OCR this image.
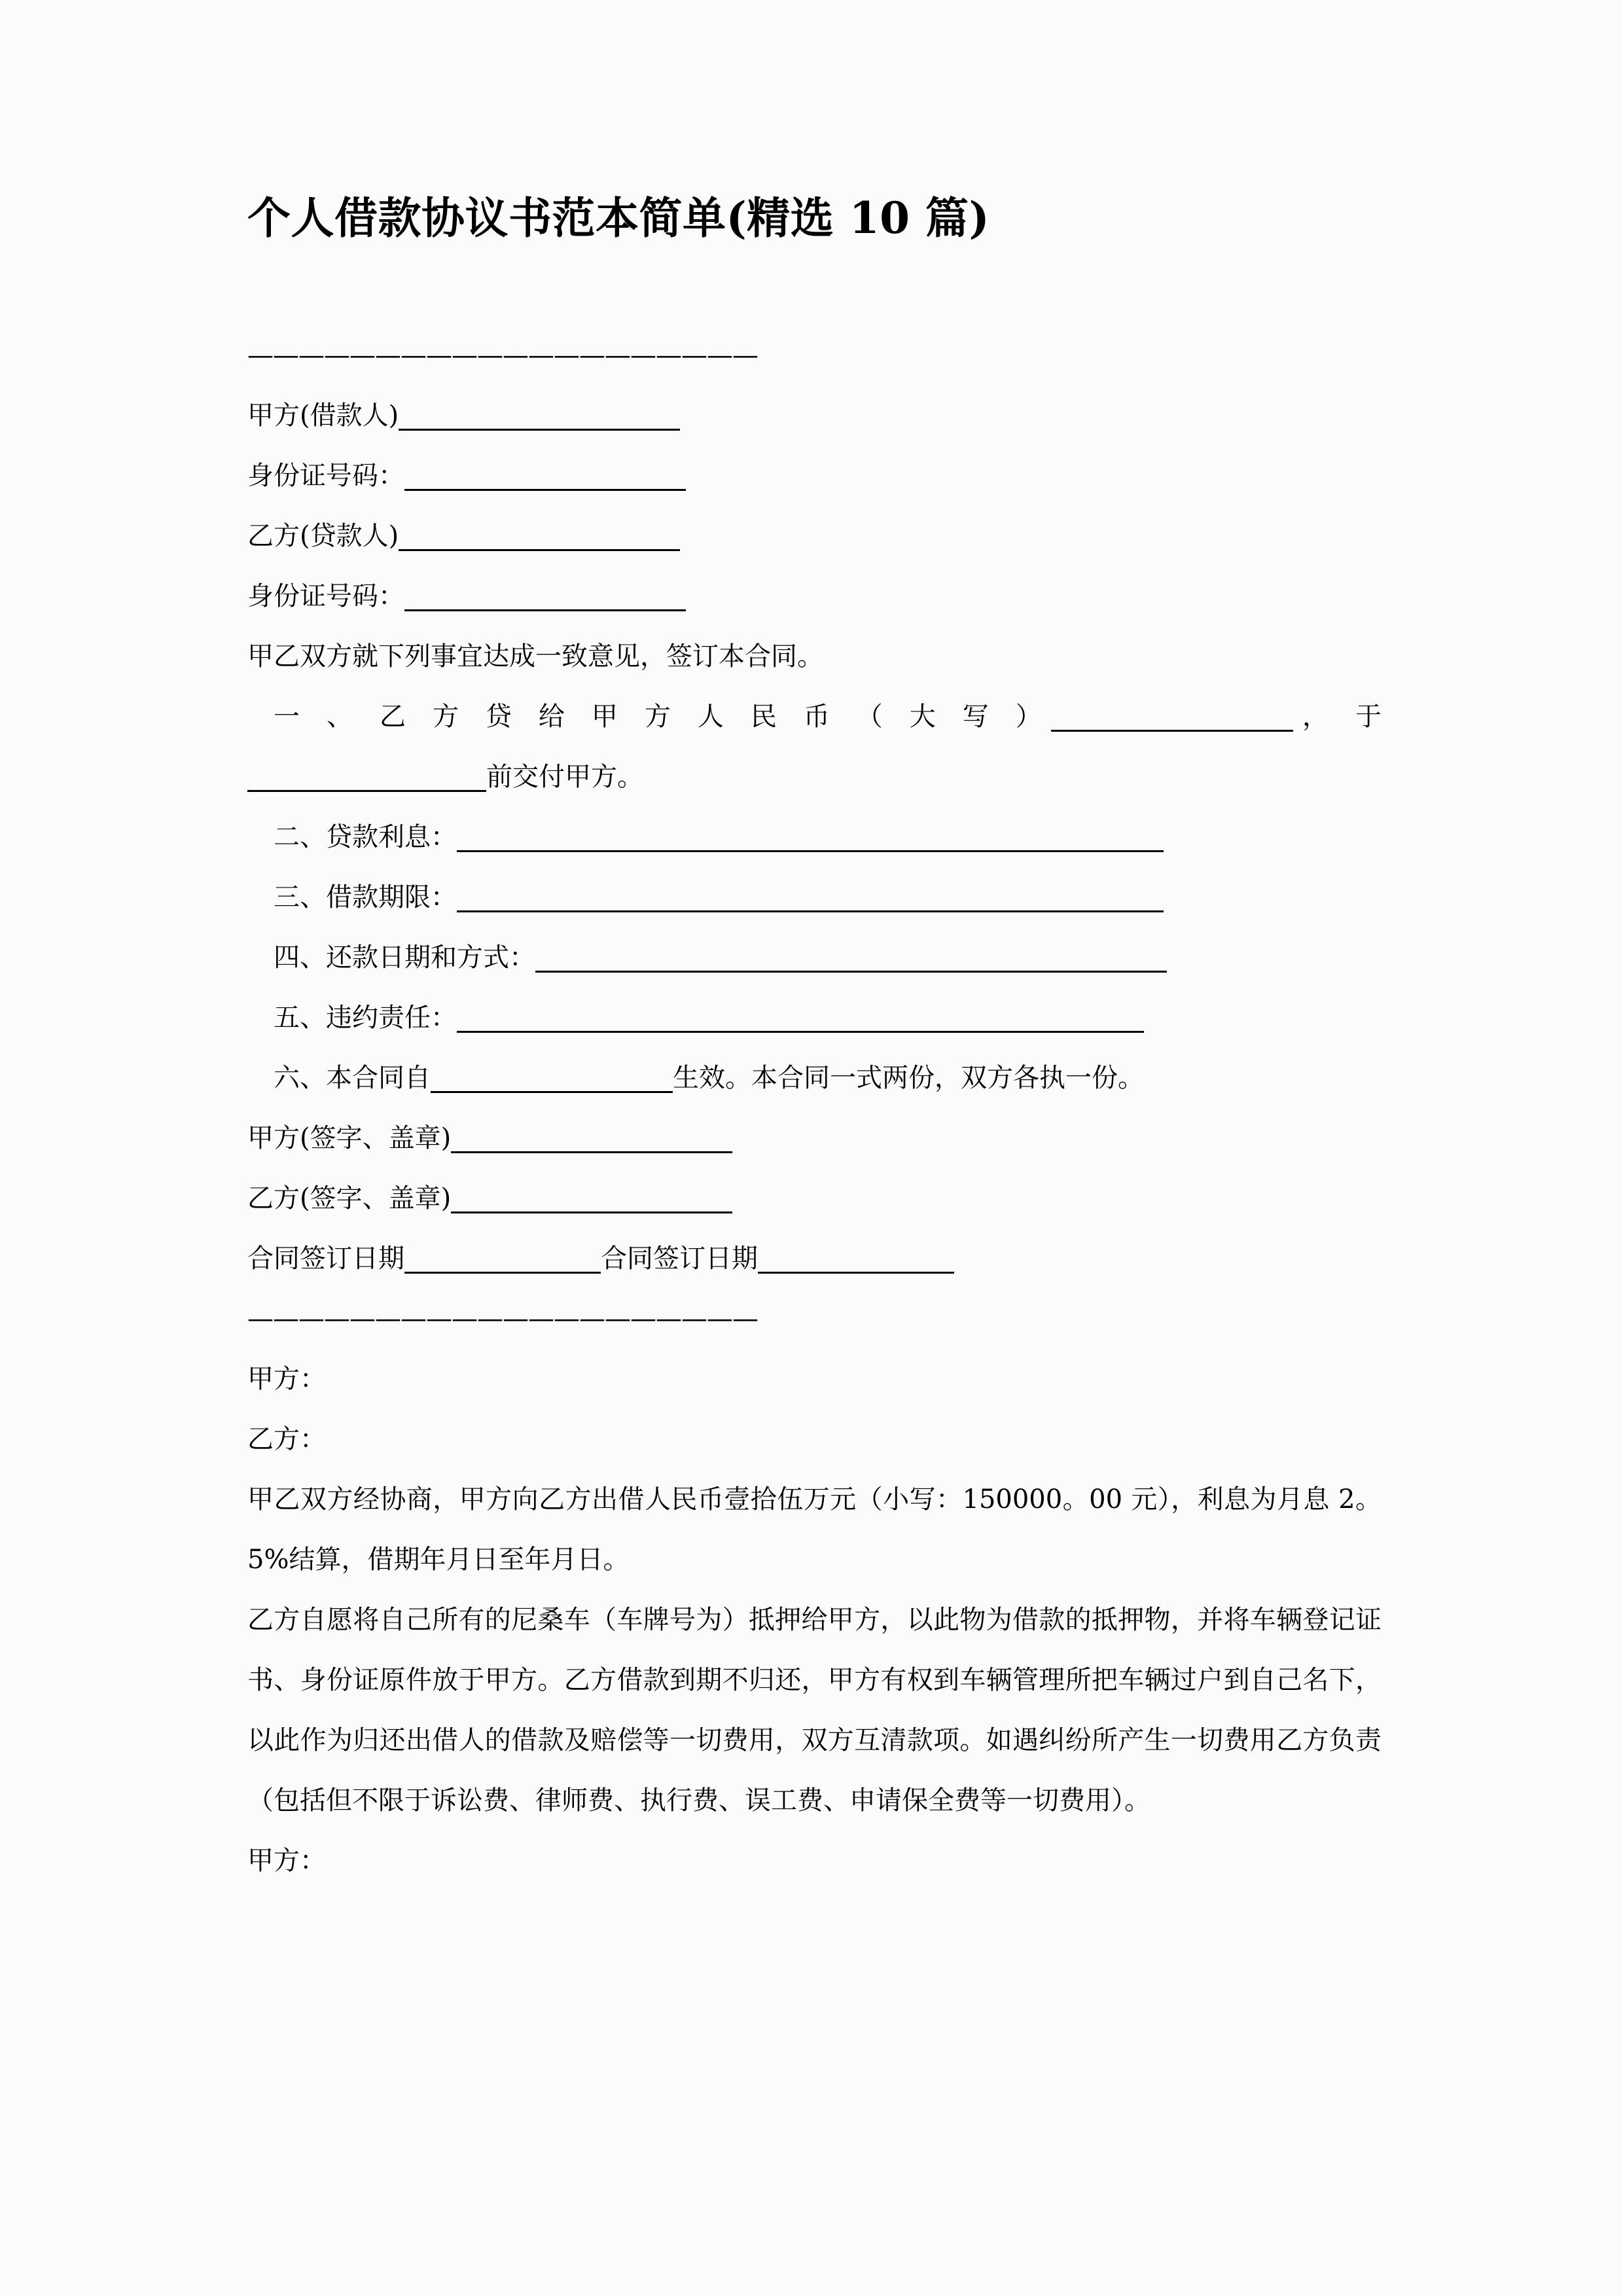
个人借款协议书范本简单(精选 10 篇)
————————————————————
甲方(借款人)
身份证号码：
乙方(贷款人)
身份证号码：
甲乙双方就下列事宜达成一致意见，签订本合同。
一 、 乙 方 贷 给 甲 方 人 民 币 （ 大 写 ）	， 于
前交付甲方。
二、贷款利息：
三、借款期限：
四、还款日期和方式：
五、违约责任：
六、本合同自	生效。本合同一式两份，双方各执一份。
甲方(签字、盖章)
乙方(签字、盖章)
合同签订日期	合同签订日期
————————————————————
甲方：
乙方：
甲乙双方经协商，甲方向乙方出借人民币壹拾伍万元（小写：150000。00 元），利息为月息 2。5%结算，借期年月日至年月日。
乙方自愿将自己所有的尼桑车（车牌号为）抵押给甲方，以此物为借款的抵押物，并将车辆登记证书、身份证原件放于甲方。乙方借款到期不归还，甲方有权到车辆管理所把车辆过户到自己名下，以此作为归还出借人的借款及赔偿等一切费用，双方互清款项。如遇纠纷所产生一切费用乙方负责（包括但不限于诉讼费、律师费、执行费、误工费、申请保全费等一切费用）。
甲方：
